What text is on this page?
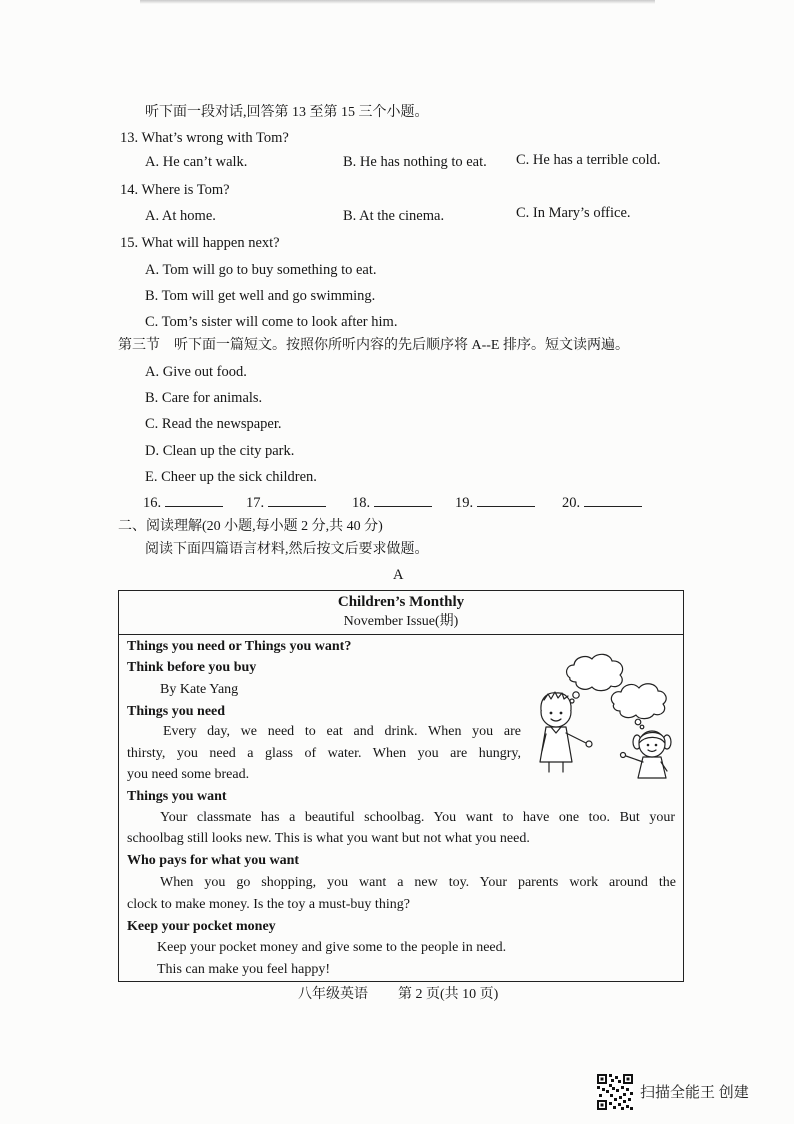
听下面一段对话,回答第 13 至第 15 三个小题。
13. What’s wrong with Tom?
A. He can’t walk.	B. He has nothing to eat. C. He has a terrible cold.
14. Where is Tom?
A. At home.	B. At the cinema.	C. In Mary’s office.
15. What will happen next?
A. Tom will go to buy something to eat.
B. Tom will get well and go swimming.
C. Tom’s sister will come to look after him.
第三节　听下面一篇短文。按照你所听内容的先后顺序将 A--E 排序。短文读两遍。
A. Give out food.
B. Care for animals.
C. Read the newspaper.
D. Clean up the city park.
E. Cheer up the sick children.
16.	17.	18.	19.	20.
二、阅读理解(20 小题,每小题 2 分,共 40 分)
阅读下面四篇语言材料,然后按文后要求做题。
A
Children’s Monthly
November Issue(期)
Things you need or Things you want?
Think before you buy
By Kate Yang
Things you need
Every day, we need to eat and drink. When you are
thirsty, you need a glass of water. When you are hungry,
you need some bread.
Things you want
Your classmate has a beautiful schoolbag. You want to have one too. But your
schoolbag still looks new. This is what you want but not what you need.
Who pays for what you want
When you go shopping, you want a new toy. Your parents work around the
clock to make money. Is the toy a must-buy thing?
Keep your pocket money
Keep your pocket money and give some to the people in need.
This can make you feel happy!
八年级英语 第 2 页(共 10 页)
扫描全能王 创建
